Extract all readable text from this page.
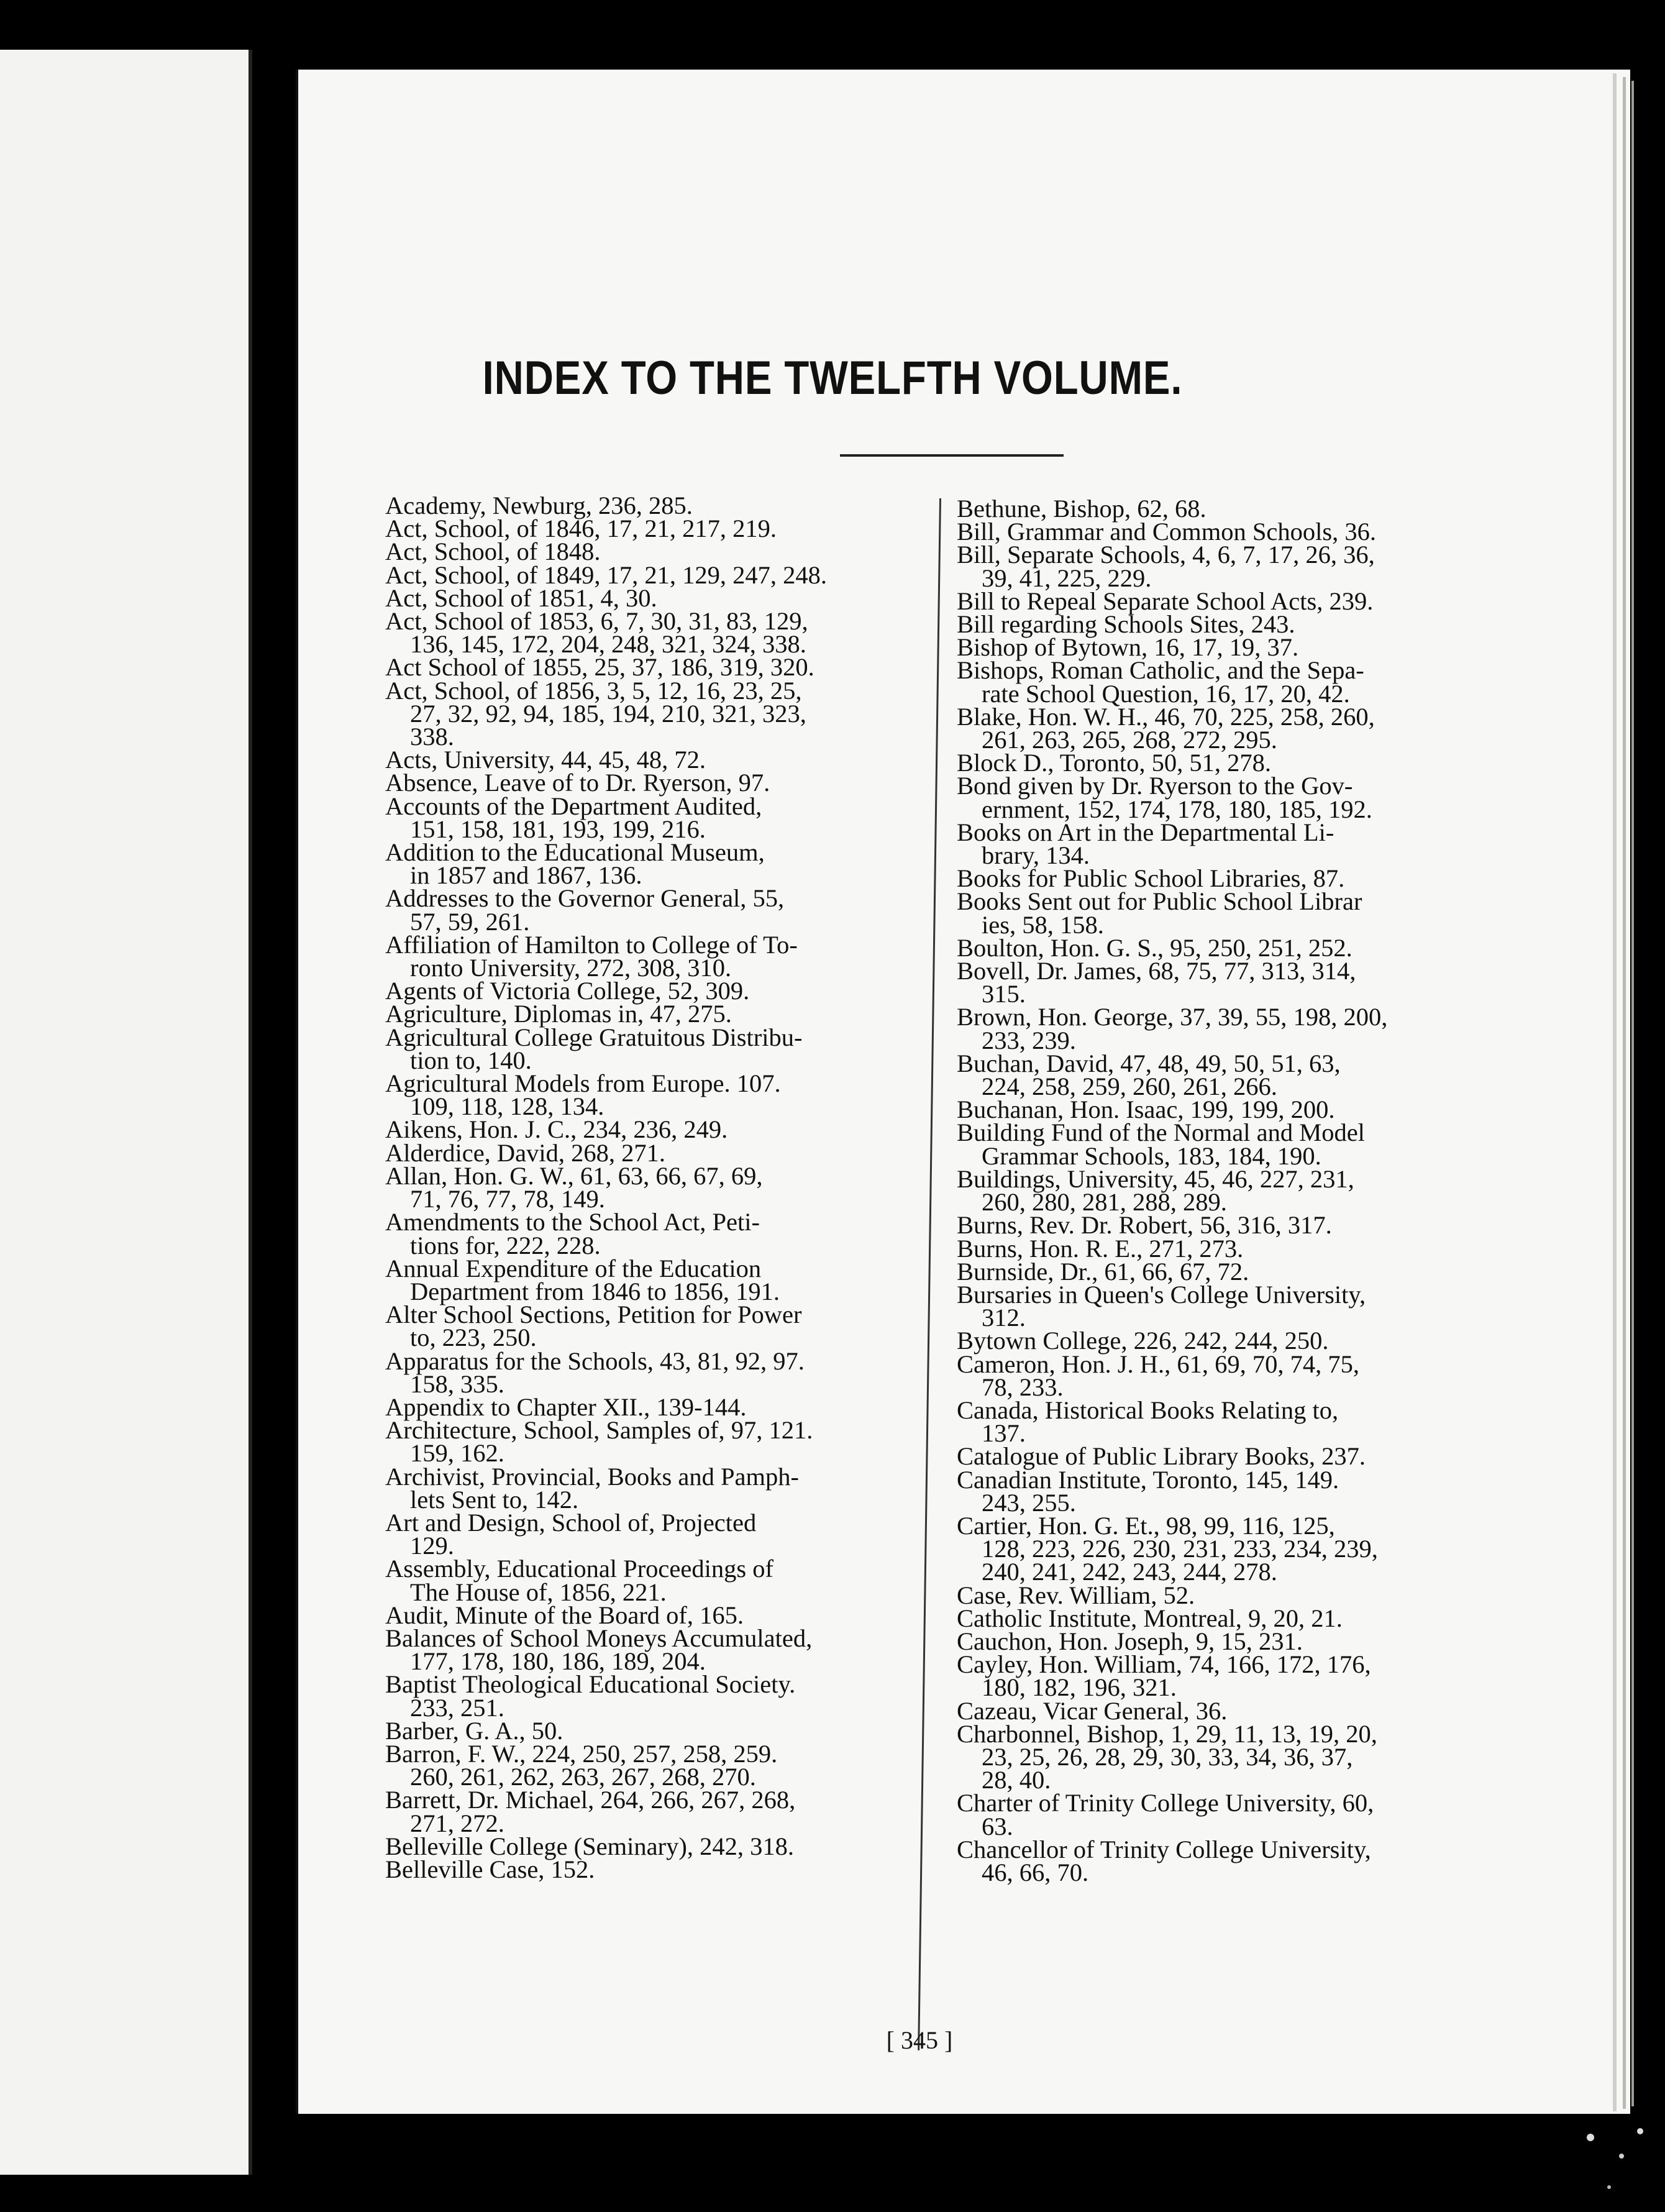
INDEX TO THE TWELFTH VOLUME.
Academy, Newburg, 236, 285.
Act, School, of 1846, 17, 21, 217, 219.
Act, School, of 1848.
Act, School, of 1849, 17, 21, 129, 247, 248.
Act, School of 1851, 4, 30.
Act, School of 1853, 6, 7, 30, 31, 83, 129,
136, 145, 172, 204, 248, 321, 324, 338.
Act School of 1855, 25, 37, 186, 319, 320.
Act, School, of 1856, 3, 5, 12, 16, 23, 25,
27, 32, 92, 94, 185, 194, 210, 321, 323,
338.
Acts, University, 44, 45, 48, 72.
Absence, Leave of to Dr. Ryerson, 97.
Accounts of the Department Audited,
151, 158, 181, 193, 199, 216.
Addition to the Educational Museum,
in 1857 and 1867, 136.
Addresses to the Governor General, 55,
57, 59, 261.
Affiliation of Hamilton to College of To-
ronto University, 272, 308, 310.
Agents of Victoria College, 52, 309.
Agriculture, Diplomas in, 47, 275.
Agricultural College Gratuitous Distribu-
tion to, 140.
Agricultural Models from Europe. 107.
109, 118, 128, 134.
Aikens, Hon. J. C., 234, 236, 249.
Alderdice, David, 268, 271.
Allan, Hon. G. W., 61, 63, 66, 67, 69,
71, 76, 77, 78, 149.
Amendments to the School Act, Peti-
tions for, 222, 228.
Annual Expenditure of the Education
Department from 1846 to 1856, 191.
Alter School Sections, Petition for Power
to, 223, 250.
Apparatus for the Schools, 43, 81, 92, 97.
158, 335.
Appendix to Chapter XII., 139-144.
Architecture, School, Samples of, 97, 121.
159, 162.
Archivist, Provincial, Books and Pamph-
lets Sent to, 142.
Art and Design, School of, Projected
129.
Assembly, Educational Proceedings of
The House of, 1856, 221.
Audit, Minute of the Board of, 165.
Balances of School Moneys Accumulated,
177, 178, 180, 186, 189, 204.
Baptist Theological Educational Society.
233, 251.
Barber, G. A., 50.
Barron, F. W., 224, 250, 257, 258, 259.
260, 261, 262, 263, 267, 268, 270.
Barrett, Dr. Michael, 264, 266, 267, 268,
271, 272.
Belleville College (Seminary), 242, 318.
Belleville Case, 152.
Bethune, Bishop, 62, 68.
Bill, Grammar and Common Schools, 36.
Bill, Separate Schools, 4, 6, 7, 17, 26, 36,
39, 41, 225, 229.
Bill to Repeal Separate School Acts, 239.
Bill regarding Schools Sites, 243.
Bishop of Bytown, 16, 17, 19, 37.
Bishops, Roman Catholic, and the Sepa-
rate School Question, 16, 17, 20, 42.
Blake, Hon. W. H., 46, 70, 225, 258, 260,
261, 263, 265, 268, 272, 295.
Block D., Toronto, 50, 51, 278.
Bond given by Dr. Ryerson to the Gov-
ernment, 152, 174, 178, 180, 185, 192.
Books on Art in the Departmental Li-
brary, 134.
Books for Public School Libraries, 87.
Books Sent out for Public School Librar
ies, 58, 158.
Boulton, Hon. G. S., 95, 250, 251, 252.
Bovell, Dr. James, 68, 75, 77, 313, 314,
315.
Brown, Hon. George, 37, 39, 55, 198, 200,
233, 239.
Buchan, David, 47, 48, 49, 50, 51, 63,
224, 258, 259, 260, 261, 266.
Buchanan, Hon. Isaac, 199, 199, 200.
Building Fund of the Normal and Model
Grammar Schools, 183, 184, 190.
Buildings, University, 45, 46, 227, 231,
260, 280, 281, 288, 289.
Burns, Rev. Dr. Robert, 56, 316, 317.
Burns, Hon. R. E., 271, 273.
Burnside, Dr., 61, 66, 67, 72.
Bursaries in Queen's College University,
312.
Bytown College, 226, 242, 244, 250.
Cameron, Hon. J. H., 61, 69, 70, 74, 75,
78, 233.
Canada, Historical Books Relating to,
137.
Catalogue of Public Library Books, 237.
Canadian Institute, Toronto, 145, 149.
243, 255.
Cartier, Hon. G. Et., 98, 99, 116, 125,
128, 223, 226, 230, 231, 233, 234, 239,
240, 241, 242, 243, 244, 278.
Case, Rev. William, 52.
Catholic Institute, Montreal, 9, 20, 21.
Cauchon, Hon. Joseph, 9, 15, 231.
Cayley, Hon. William, 74, 166, 172, 176,
180, 182, 196, 321.
Cazeau, Vicar General, 36.
Charbonnel, Bishop, 1, 29, 11, 13, 19, 20,
23, 25, 26, 28, 29, 30, 33, 34, 36, 37,
28, 40.
Charter of Trinity College University, 60,
63.
Chancellor of Trinity College University,
46, 66, 70.
[ 345 ]
